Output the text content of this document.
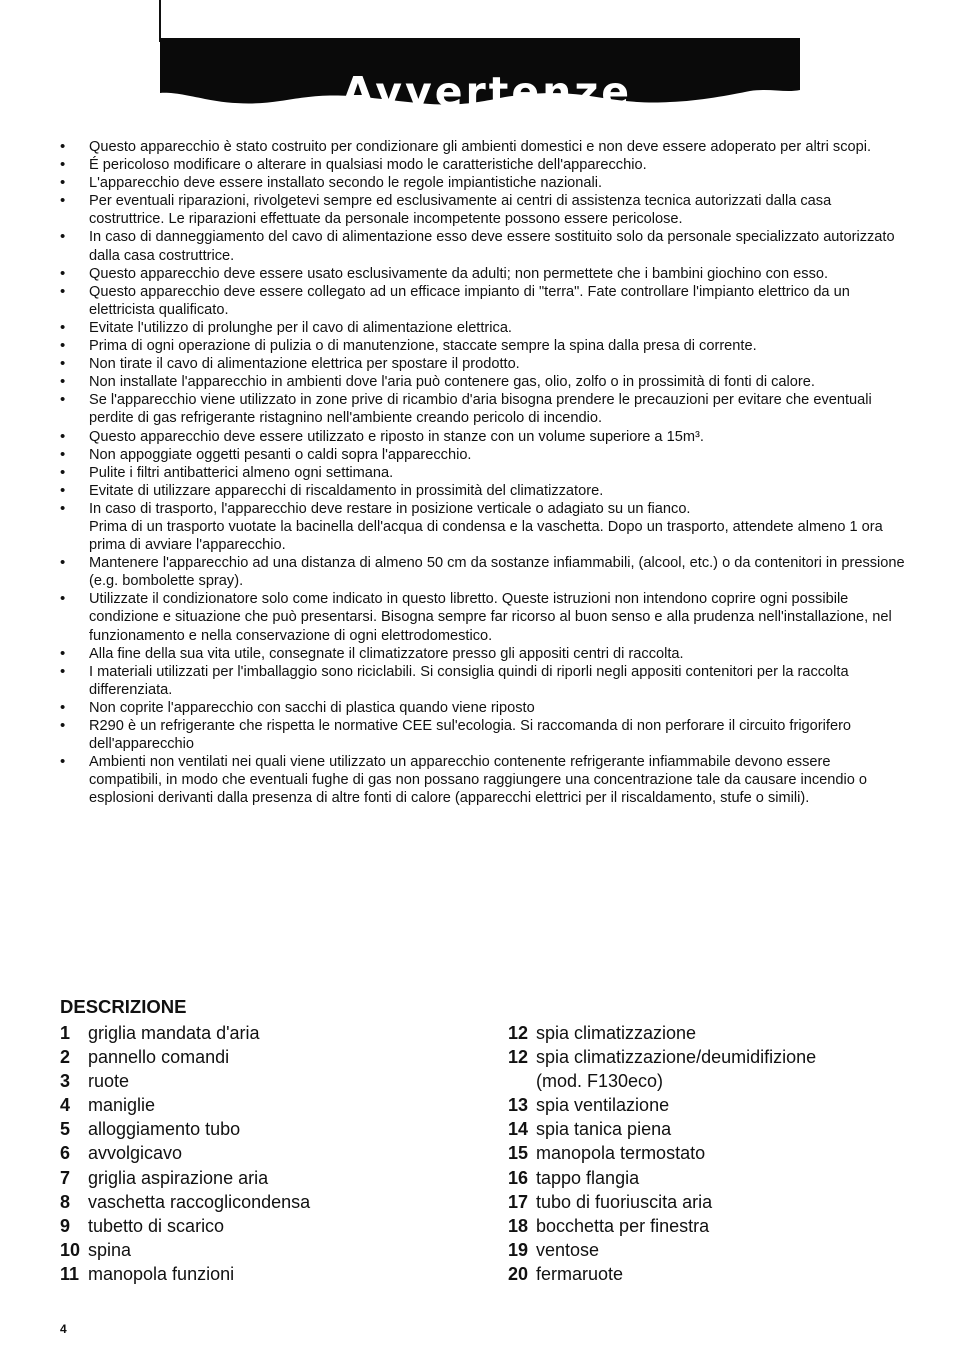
Avvertenze
• Questo apparecchio è stato costruito per condizionare gli ambienti domestici e non deve essere adoperato per altri scopi.
• É pericoloso modificare o alterare in qualsiasi modo le caratteristiche dell'apparecchio.
• L'apparecchio deve essere installato secondo le regole impiantistiche nazionali.
• Per eventuali riparazioni, rivolgetevi sempre ed esclusivamente ai centri di assistenza tecnica autorizzati dalla casa costruttrice. Le riparazioni effettuate da personale incompetente possono essere pericolose.
• In caso di danneggiamento del cavo di alimentazione esso deve essere sostituito solo da personale specializzato autorizzato dalla casa costruttrice.
• Questo apparecchio deve essere usato esclusivamente da adulti; non permettete che i bambini giochino con esso.
• Questo apparecchio deve essere collegato ad un efficace impianto di "terra". Fate controllare l'impianto elettrico da un elettricista qualificato.
• Evitate l'utilizzo di prolunghe per il cavo di alimentazione elettrica.
• Prima di ogni operazione di pulizia o di manutenzione, staccate sempre la spina dalla presa di corrente.
• Non tirate il cavo di alimentazione elettrica per spostare il prodotto.
• Non installate l'apparecchio in ambienti dove l'aria può contenere gas, olio, zolfo o in prossimità di fonti di calore.
• Se l'apparecchio viene utilizzato in zone prive di ricambio d'aria bisogna prendere le precauzioni per evitare che eventuali perdite di gas refrigerante ristagnino nell'ambiente creando pericolo di incendio.
• Questo apparecchio deve essere utilizzato e riposto in stanze con un volume superiore a 15m³.
• Non appoggiate oggetti pesanti o caldi sopra l'apparecchio.
• Pulite i filtri antibatterici almeno ogni settimana.
• Evitate di utilizzare apparecchi di riscaldamento in prossimità del climatizzatore.
• In caso di trasporto, l'apparecchio deve restare in posizione verticale o adagiato su un fianco.
Prima di un trasporto vuotate la bacinella dell'acqua di condensa e la vaschetta. Dopo un trasporto, attendete almeno 1 ora prima di avviare l'apparecchio.
• Mantenere l'apparecchio ad una distanza di almeno 50 cm da sostanze infiammabili, (alcool, etc.) o da contenitori in pressione (e.g. bombolette spray).
• Utilizzate il condizionatore solo come indicato in questo libretto. Queste istruzioni non intendono coprire ogni possibile condizione e situazione che può presentarsi. Bisogna sempre far ricorso al buon senso e alla prudenza nell'installazione, nel funzionamento e nella conservazione di ogni elettrodomestico.
• Alla fine della sua vita utile, consegnate il climatizzatore presso gli appositi centri di raccolta.
• I materiali utilizzati per l'imballaggio sono riciclabili. Si consiglia quindi di riporli negli appositi contenitori per la raccolta differenziata.
• Non coprite l'apparecchio con sacchi di plastica quando viene riposto
• R290 è un refrigerante che rispetta le normative CEE sul'ecologia. Si raccomanda di non perforare il circuito frigorifero dell'apparecchio
• Ambienti non ventilati nei quali viene utilizzato un apparecchio contenente refrigerante infiammabile devono essere compatibili, in modo che eventuali fughe di gas non possano raggiungere una concentrazione tale da causare incendio o esplosioni derivanti dalla presenza di altre fonti di calore (apparecchi elettrici per il riscaldamento, stufe o simili).
DESCRIZIONE
1 griglia mandata d'aria
2 pannello comandi
3 ruote
4 maniglie
5 alloggiamento tubo
6 avvolgicavo
7 griglia aspirazione aria
8 vaschetta raccoglicondensa
9 tubetto di scarico
10 spina
11 manopola funzioni
12 spia climatizzazione
12 spia climatizzazione/deumidifizione
(mod. F130eco)
13 spia ventilazione
14 spia tanica piena
15 manopola termostato
16 tappo flangia
17 tubo di fuoriuscita aria
18 bocchetta per finestra
19 ventose
20 fermaruote
4
